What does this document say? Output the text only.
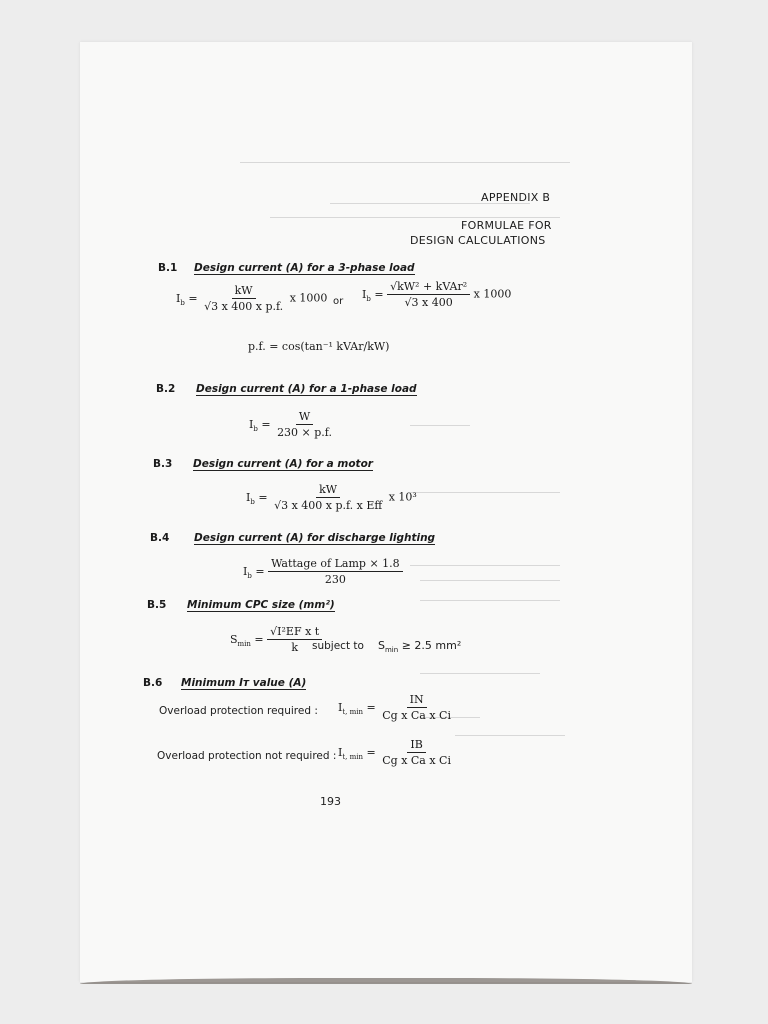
APPENDIX B
FORMULAE FOR
DESIGN CALCULATIONS
B.1 Design current (A) for a 3-phase load
$I_b = \frac{kW}{\text{√3 x 400 x p.f.}}$ x 1000 or
$I_b = \frac{\text{√kW² + kVAr²}}{√3 x 400}$ x 1000
p.f. = cos(tan⁻¹ kVAr/kW)
B.2 Design current (A) for a 1-phase load
$I_b = \frac{W}{230 \times p.f.}$
B.3 Design current (A) for a motor
$I_b = \frac{kW}{\text{√3 x 400 x p.f. x Eff}}$ x 10³
B.4 Design current (A) for discharge lighting
$I_b = \frac{\text{Wattage of Lamp × 1.8}}{230}$
B.5 Minimum CPC size (mm²)
$S_{min} = \frac{\text{√I²EF x t}}{k}$
subject to $S_{min} \ge 2.5$ mm²
B.6 Minimum Iᴛ value (A)
Overload protection required : $I_{t, min} = \frac{IN}{\text{Cg x Ca x Ci}}$
Overload protection not required : $I_{t, min} = \frac{IB}{\text{Cg x Ca x Ci}}$
193
